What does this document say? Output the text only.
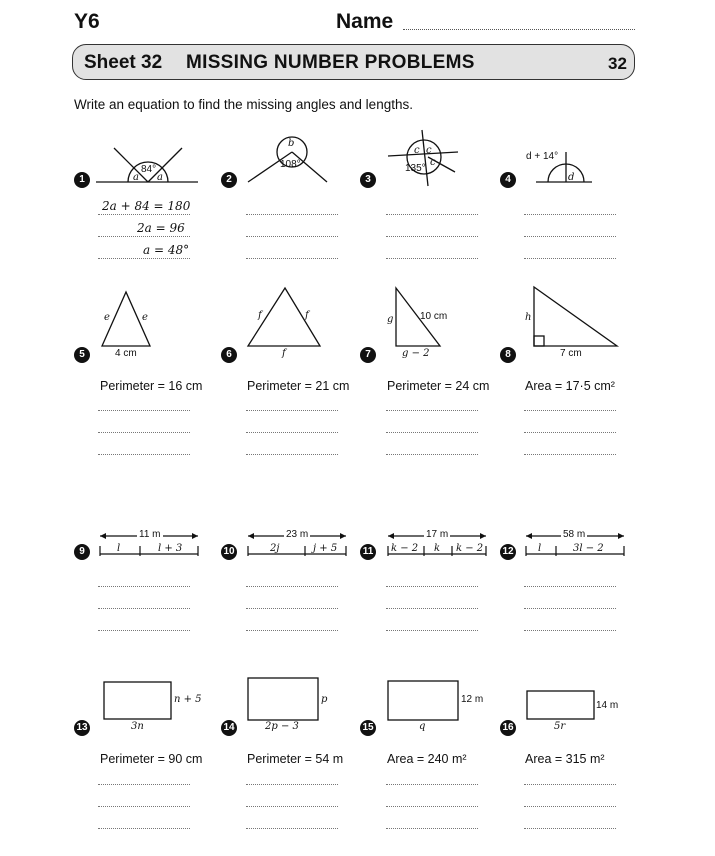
Y6	Name
Sheet 32 MISSING NUMBER PROBLEMS	32
Write an equation to find the missing angles and lengths.
1	2	3	4
5	6	7	8
9	10	11	12
13	14	15	16
84°
a a
b
108°
c c
c
135°
d + 14°
d
2a + 84 = 180
2a = 96
a = 48°
e	e
4 cm
f	f
f
g	10 cm
g − 2
h
7 cm
Perimeter = 16 cm	Perimeter = 21 cm	Perimeter = 24 cm	Area = 17·5 cm²
11 m
l	l + 3
23 m
2j	j + 5
17 m
k − 2 k k − 2
58 m
l	3l − 2
n + 5
3n
p
2p − 3
12 m
q
14 m
5r
Perimeter = 90 cm	Perimeter = 54 m	Area = 240 m²	Area = 315 m²
